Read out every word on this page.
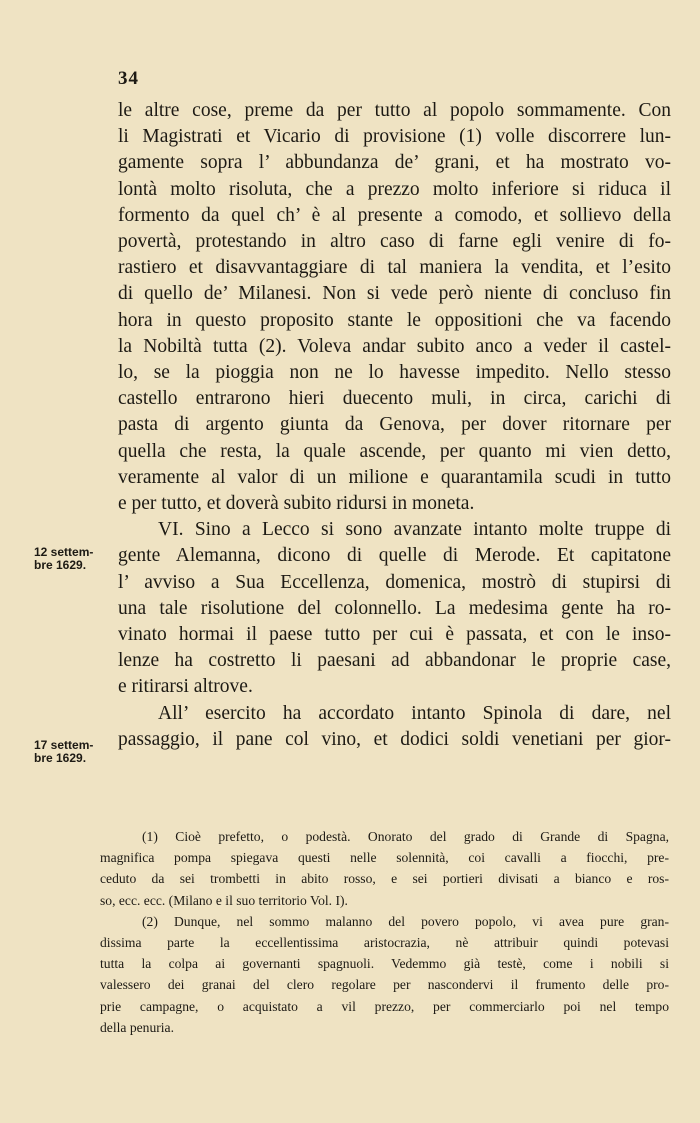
34
le altre cose, preme da per tutto al popolo sommamente. Con
li Magistrati et Vicario di provisione (1) volle discorrere lun-
gamente sopra l’ abbundanza de’ grani, et ha mostrato vo-
lontà molto risoluta, che a prezzo molto inferiore si riduca il
formento da quel ch’ è al presente a comodo, et sollievo della
povertà, protestando in altro caso di farne egli venire di fo-
rastiero et disavvantaggiare di tal maniera la vendita, et l’esito
di quello de’ Milanesi. Non si vede però niente di concluso fin
hora in questo proposito stante le oppositioni che va facendo
la Nobiltà tutta (2). Voleva andar subito anco a veder il castel-
lo, se la pioggia non ne lo havesse impedito. Nello stesso
castello entrarono hieri duecento muli, in circa, carichi di
pasta di argento giunta da Genova, per dover ritornare per
quella che resta, la quale ascende, per quanto mi vien detto,
veramente al valor di un milione e quarantamila scudi in tutto
e per tutto, et doverà subito ridursi in moneta.
VI. Sino a Lecco si sono avanzate intanto molte truppe di
gente Alemanna, dicono di quelle di Merode. Et capitatone
l’ avviso a Sua Eccellenza, domenica, mostrò di stupirsi di
una tale risolutione del colonnello. La medesima gente ha ro-
vinato hormai il paese tutto per cui è passata, et con le inso-
lenze ha costretto li paesani ad abbandonar le proprie case,
e ritirarsi altrove.
All’ esercito ha accordato intanto Spinola di dare, nel
passaggio, il pane col vino, et dodici soldi venetiani per gior-
12 settem-
bre 1629.
17 settem-
bre 1629.
(1) Cioè prefetto, o podestà. Onorato del grado di Grande di Spagna,
magnifica pompa spiegava questi nelle solennità, coi cavalli a fiocchi, pre-
ceduto da sei trombetti in abito rosso, e sei portieri divisati a bianco e ros-
so, ecc. ecc. (Milano e il suo territorio Vol. I).
(2) Dunque, nel sommo malanno del povero popolo, vi avea pure gran-
dissima parte la eccellentissima aristocrazia, nè attribuir quindi potevasi
tutta la colpa ai governanti spagnuoli. Vedemmo già testè, come i nobili si
valessero dei granai del clero regolare per nascondervi il frumento delle pro-
prie campagne, o acquistato a vil prezzo, per commerciarlo poi nel tempo
della penuria.
